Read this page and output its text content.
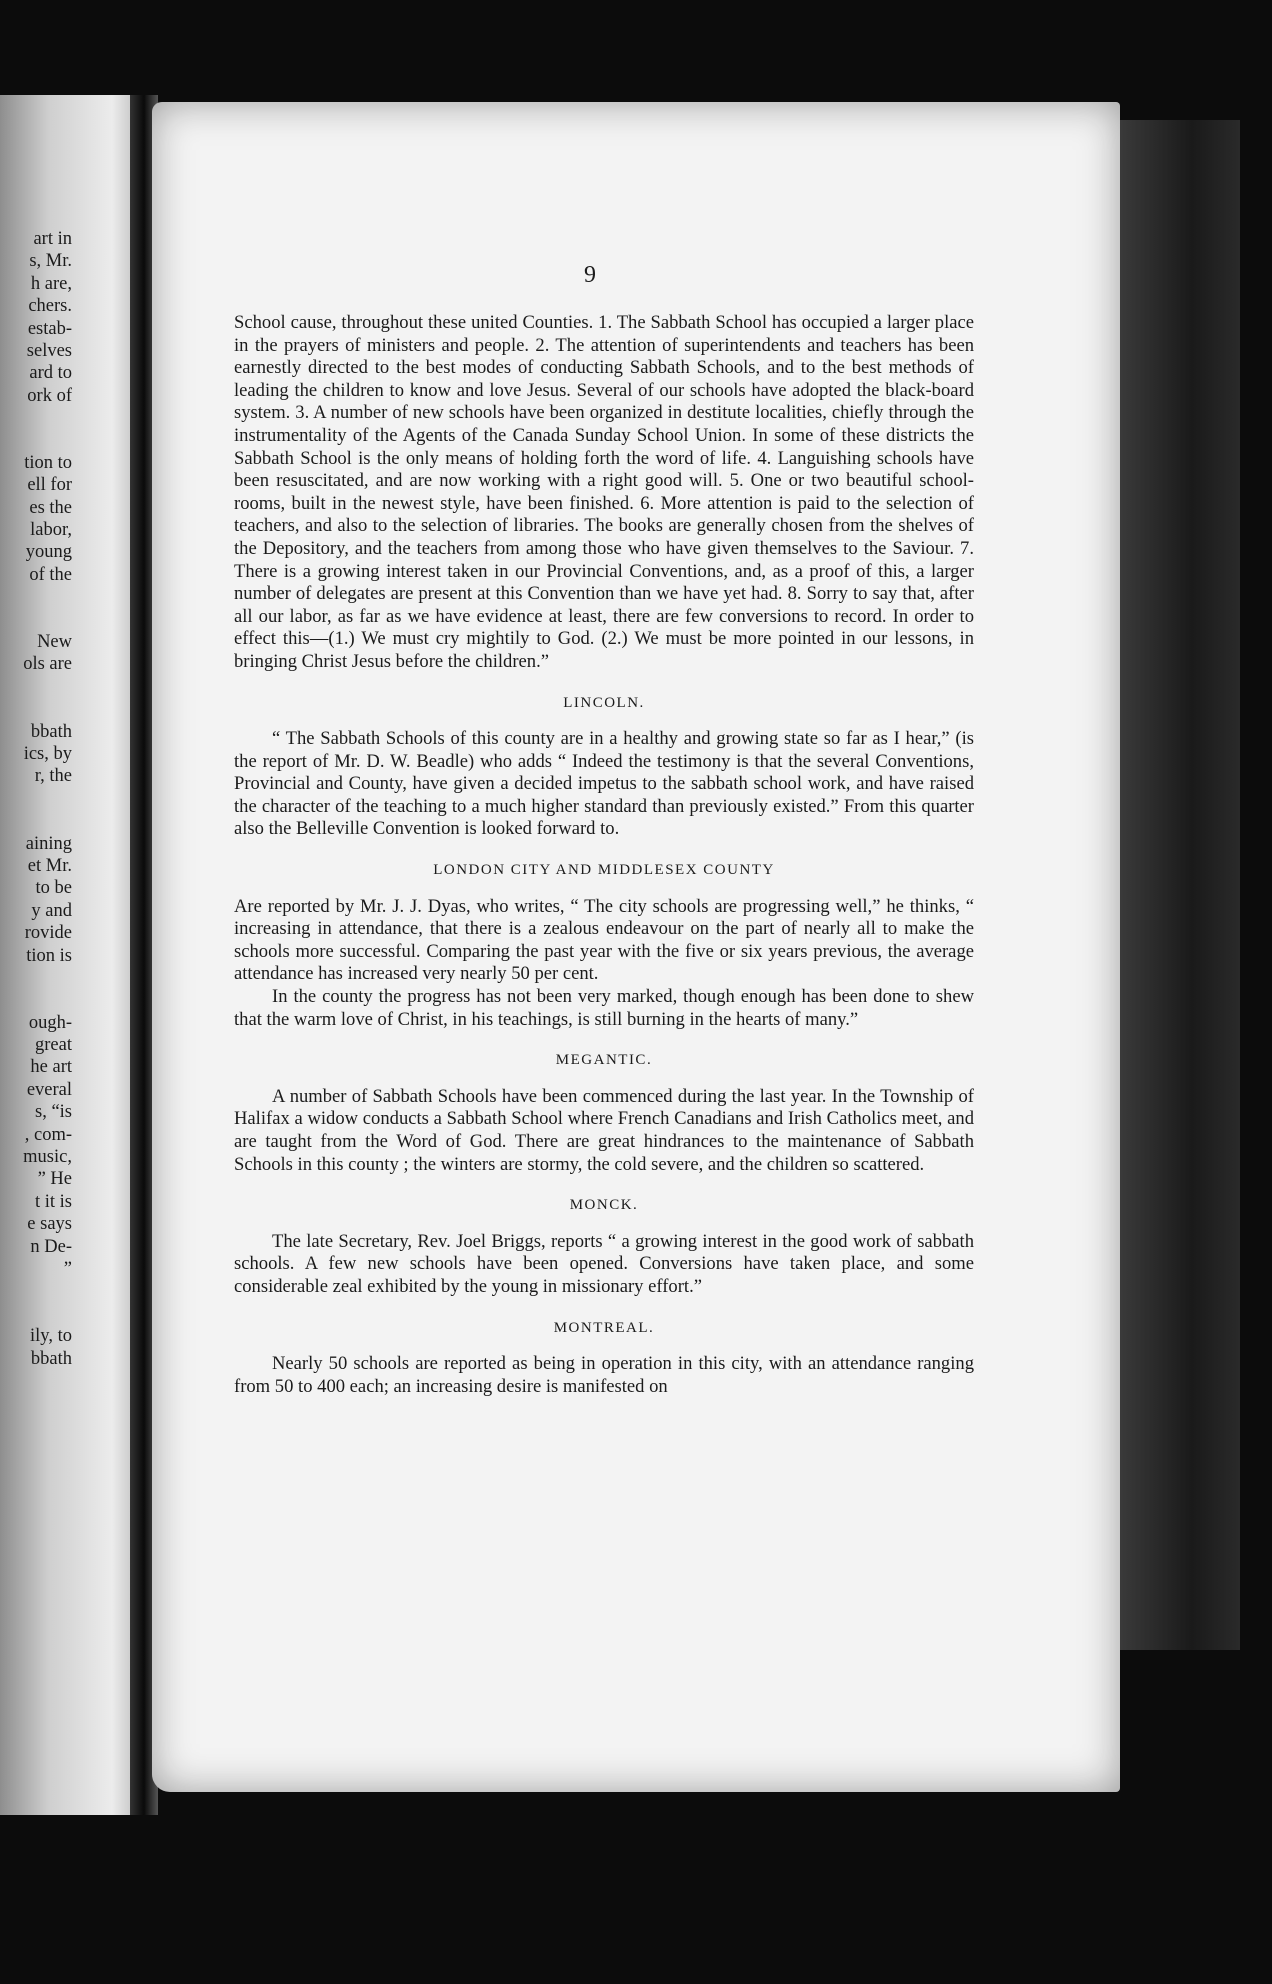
art in
s, Mr.
h are,
chers.
estab-
selves
ard to
ork of
tion to
ell for
es the
labor,
young
of the
New
ols are
bbath
ics, by
r, the
aining
et Mr.
to be
y and
rovide
tion is
ough-
great
he art
everal
s, “is
, com-
music,
” He
t it is
e says
n De-
”
ily, to
bbath
9

School cause, throughout these united Counties. 1. The Sabbath School has occupied a larger place in the prayers of ministers and people. 2. The attention of superintendents and teachers has been earnestly directed to the best modes of conducting Sabbath Schools, and to the best methods of leading the children to know and love Jesus. Several of our schools have adopted the black-board system. 3. A number of new schools have been organized in destitute localities, chiefly through the instrumentality of the Agents of the Canada Sunday School Union. In some of these districts the Sabbath School is the only means of holding forth the word of life. 4. Languishing schools have been resuscitated, and are now working with a right good will. 5. One or two beautiful school-rooms, built in the newest style, have been finished. 6. More attention is paid to the selection of teachers, and also to the selection of libraries. The books are generally chosen from the shelves of the Depository, and the teachers from among those who have given themselves to the Saviour. 7. There is a growing interest taken in our Provincial Conventions, and, as a proof of this, a larger number of delegates are present at this Convention than we have yet had. 8. Sorry to say that, after all our labor, as far as we have evidence at least, there are few conversions to record. In order to effect this—(1.) We must cry mightily to God. (2.) We must be more pointed in our lessons, in bringing Christ Jesus before the children.”

LINCOLN.

“ The Sabbath Schools of this county are in a healthy and growing state so far as I hear,” (is the report of Mr. D. W. Beadle) who adds “ Indeed the testimony is that the several Conventions, Provincial and County, have given a decided impetus to the sabbath school work, and have raised the character of the teaching to a much higher standard than previously existed.” From this quarter also the Belleville Convention is looked forward to.

LONDON CITY AND MIDDLESEX COUNTY

Are reported by Mr. J. J. Dyas, who writes, “ The city schools are progressing well,” he thinks, “ increasing in attendance, that there is a zealous endeavour on the part of nearly all to make the schools more successful. Comparing the past year with the five or six years previous, the average attendance has increased very nearly 50 per cent.

In the county the progress has not been very marked, though enough has been done to shew that the warm love of Christ, in his teachings, is still burning in the hearts of many.”

MEGANTIC.

A number of Sabbath Schools have been commenced during the last year. In the Township of Halifax a widow conducts a Sabbath School where French Canadians and Irish Catholics meet, and are taught from the Word of God. There are great hindrances to the maintenance of Sabbath Schools in this county ; the winters are stormy, the cold severe, and the children so scattered.

MONCK.

The late Secretary, Rev. Joel Briggs, reports “ a growing interest in the good work of sabbath schools. A few new schools have been opened. Conversions have taken place, and some considerable zeal exhibited by the young in missionary effort.”

MONTREAL.

Nearly 50 schools are reported as being in operation in this city, with an attendance ranging from 50 to 400 each; an increasing desire is manifested on
